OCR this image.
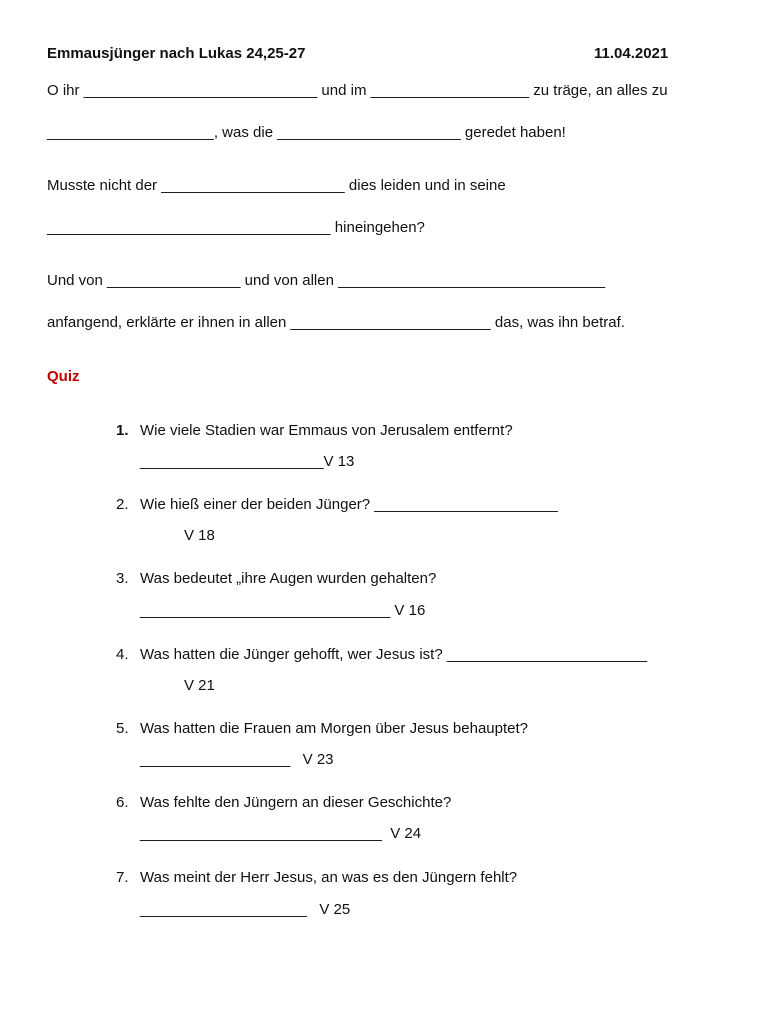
Emmausjünger nach Lukas 24,25-27	11.04.2021
O ihr ____________________________ und im ___________________ zu träge, an alles zu
____________________, was die ______________________ geredet haben!
Musste nicht der ______________________ dies leiden und in seine
__________________________________ hineingehen?
Und von ________________ und von allen ________________________________
anfangend, erklärte er ihnen in allen ________________________ das, was ihn betraf.
Quiz
1. Wie viele Stadien war Emmaus von Jerusalem entfernt?
______________________V 13
2. Wie hieß einer der beiden Jünger? ______________________
V 18
3. Was bedeutet „ihre Augen wurden gehalten?
______________________________ V 16
4. Was hatten die Jünger gehofft, wer Jesus ist? ________________________
V 21
5. Was hatten die Frauen am Morgen über Jesus behauptet?
__________________   V 23
6. Was fehlte den Jüngern an dieser Geschichte?
_____________________________  V 24
7. Was meint der Herr Jesus, an was es den Jüngern fehlt?
____________________   V 25
